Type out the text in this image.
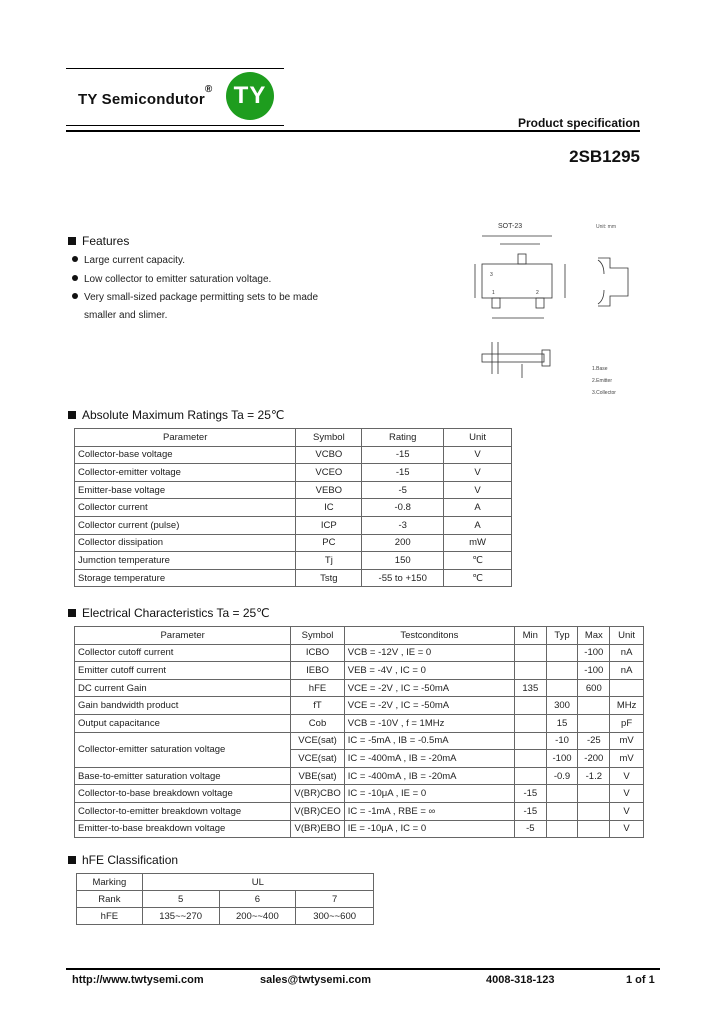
TY Semicondutor® TY
Product specification
2SB1295
Features
Large current capacity.
Low collector to emitter saturation voltage.
Very small-sized package permitting sets to be made
smaller and slimer.
SOT-23	Unit: mm
3
1	2
1.Base
2.Emitter
3.Collector
Absolute Maximum Ratings Ta = 25℃
Parameter	Symbol	Rating	Unit
Collector-base voltage	VCBO	-15	V
Collector-emitter voltage	VCEO	-15	V
Emitter-base voltage	VEBO	-5	V
Collector current	IC	-0.8	A
Collector current (pulse)	ICP	-3	A
Collector dissipation	PC	200	mW
Jumction temperature	Tj	150	℃
Storage temperature	Tstg	-55 to +150	℃
Electrical Characteristics Ta = 25℃
Parameter	Symbol	Testconditons	Min	Typ	Max	Unit
Collector cutoff current	ICBO	VCB = -12V , IE = 0			-100	nA
Emitter cutoff current	IEBO	VEB = -4V , IC = 0			-100	nA
DC current Gain	hFE	VCE = -2V , IC = -50mA	135		600	
Gain bandwidth product	fT	VCE = -2V , IC = -50mA		300		MHz
Output capacitance	Cob	VCB = -10V , f = 1MHz		15		pF
Collector-emitter saturation voltage	VCE(sat)	IC = -5mA , IB = -0.5mA		-10	-25	mV
	VCE(sat)	IC = -400mA , IB = -20mA		-100	-200	mV
Base-to-emitter saturation voltage	VBE(sat)	IC = -400mA , IB = -20mA		-0.9	-1.2	V
Collector-to-base breakdown voltage	V(BR)CBO	IC = -10μA , IE = 0	-15			V
Collector-to-emitter breakdown voltage	V(BR)CEO	IC = -1mA , RBE = ∞	-15			V
Emitter-to-base breakdown voltage	V(BR)EBO	IE = -10μA , IC = 0	-5			V
hFE Classification
Marking	UL		
Rank	5	6	7
hFE	135~~270	200~~400	300~~600
http://www.twtysemi.com	sales@twtysemi.com	4008-318-123	1 of 1
